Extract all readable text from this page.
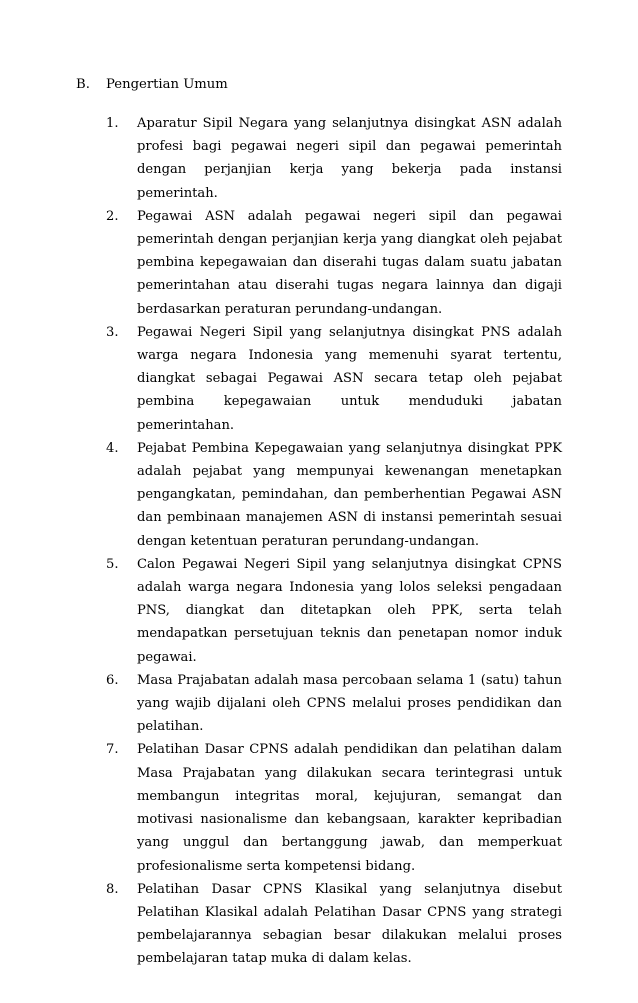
B. Pengertian Umum
1. Aparatur Sipil Negara yang selanjutnya disingkat ASN adalah profesi bagi pegawai negeri sipil dan pegawai pemerintah dengan perjanjian kerja yang bekerja pada instansi pemerintah.
2. Pegawai ASN adalah pegawai negeri sipil dan pegawai pemerintah dengan perjanjian kerja yang diangkat oleh pejabat pembina kepegawaian dan diserahi tugas dalam suatu jabatan pemerintahan atau diserahi tugas negara lainnya dan digaji berdasarkan peraturan perundang-undangan.
3. Pegawai Negeri Sipil yang selanjutnya disingkat PNS adalah warga negara Indonesia yang memenuhi syarat tertentu, diangkat sebagai Pegawai ASN secara tetap oleh pejabat pembina kepegawaian untuk menduduki jabatan pemerintahan.
4. Pejabat Pembina Kepegawaian yang selanjutnya disingkat PPK adalah pejabat yang mempunyai kewenangan menetapkan pengangkatan, pemindahan, dan pemberhentian Pegawai ASN dan pembinaan manajemen ASN di instansi pemerintah sesuai dengan ketentuan peraturan perundang-undangan.
5. Calon Pegawai Negeri Sipil yang selanjutnya disingkat CPNS adalah warga negara Indonesia yang lolos seleksi pengadaan PNS, diangkat dan ditetapkan oleh PPK, serta telah mendapatkan persetujuan teknis dan penetapan nomor induk pegawai.
6. Masa Prajabatan adalah masa percobaan selama 1 (satu) tahun yang wajib dijalani oleh CPNS melalui proses pendidikan dan pelatihan.
7. Pelatihan Dasar CPNS adalah pendidikan dan pelatihan dalam Masa Prajabatan yang dilakukan secara terintegrasi untuk membangun integritas moral, kejujuran, semangat dan motivasi nasionalisme dan kebangsaan, karakter kepribadian yang unggul dan bertanggung jawab, dan memperkuat profesionalisme serta kompetensi bidang.
8. Pelatihan Dasar CPNS Klasikal yang selanjutnya disebut Pelatihan Klasikal adalah Pelatihan Dasar CPNS yang strategi pembelajarannya sebagian besar dilakukan melalui proses pembelajaran tatap muka di dalam kelas.
